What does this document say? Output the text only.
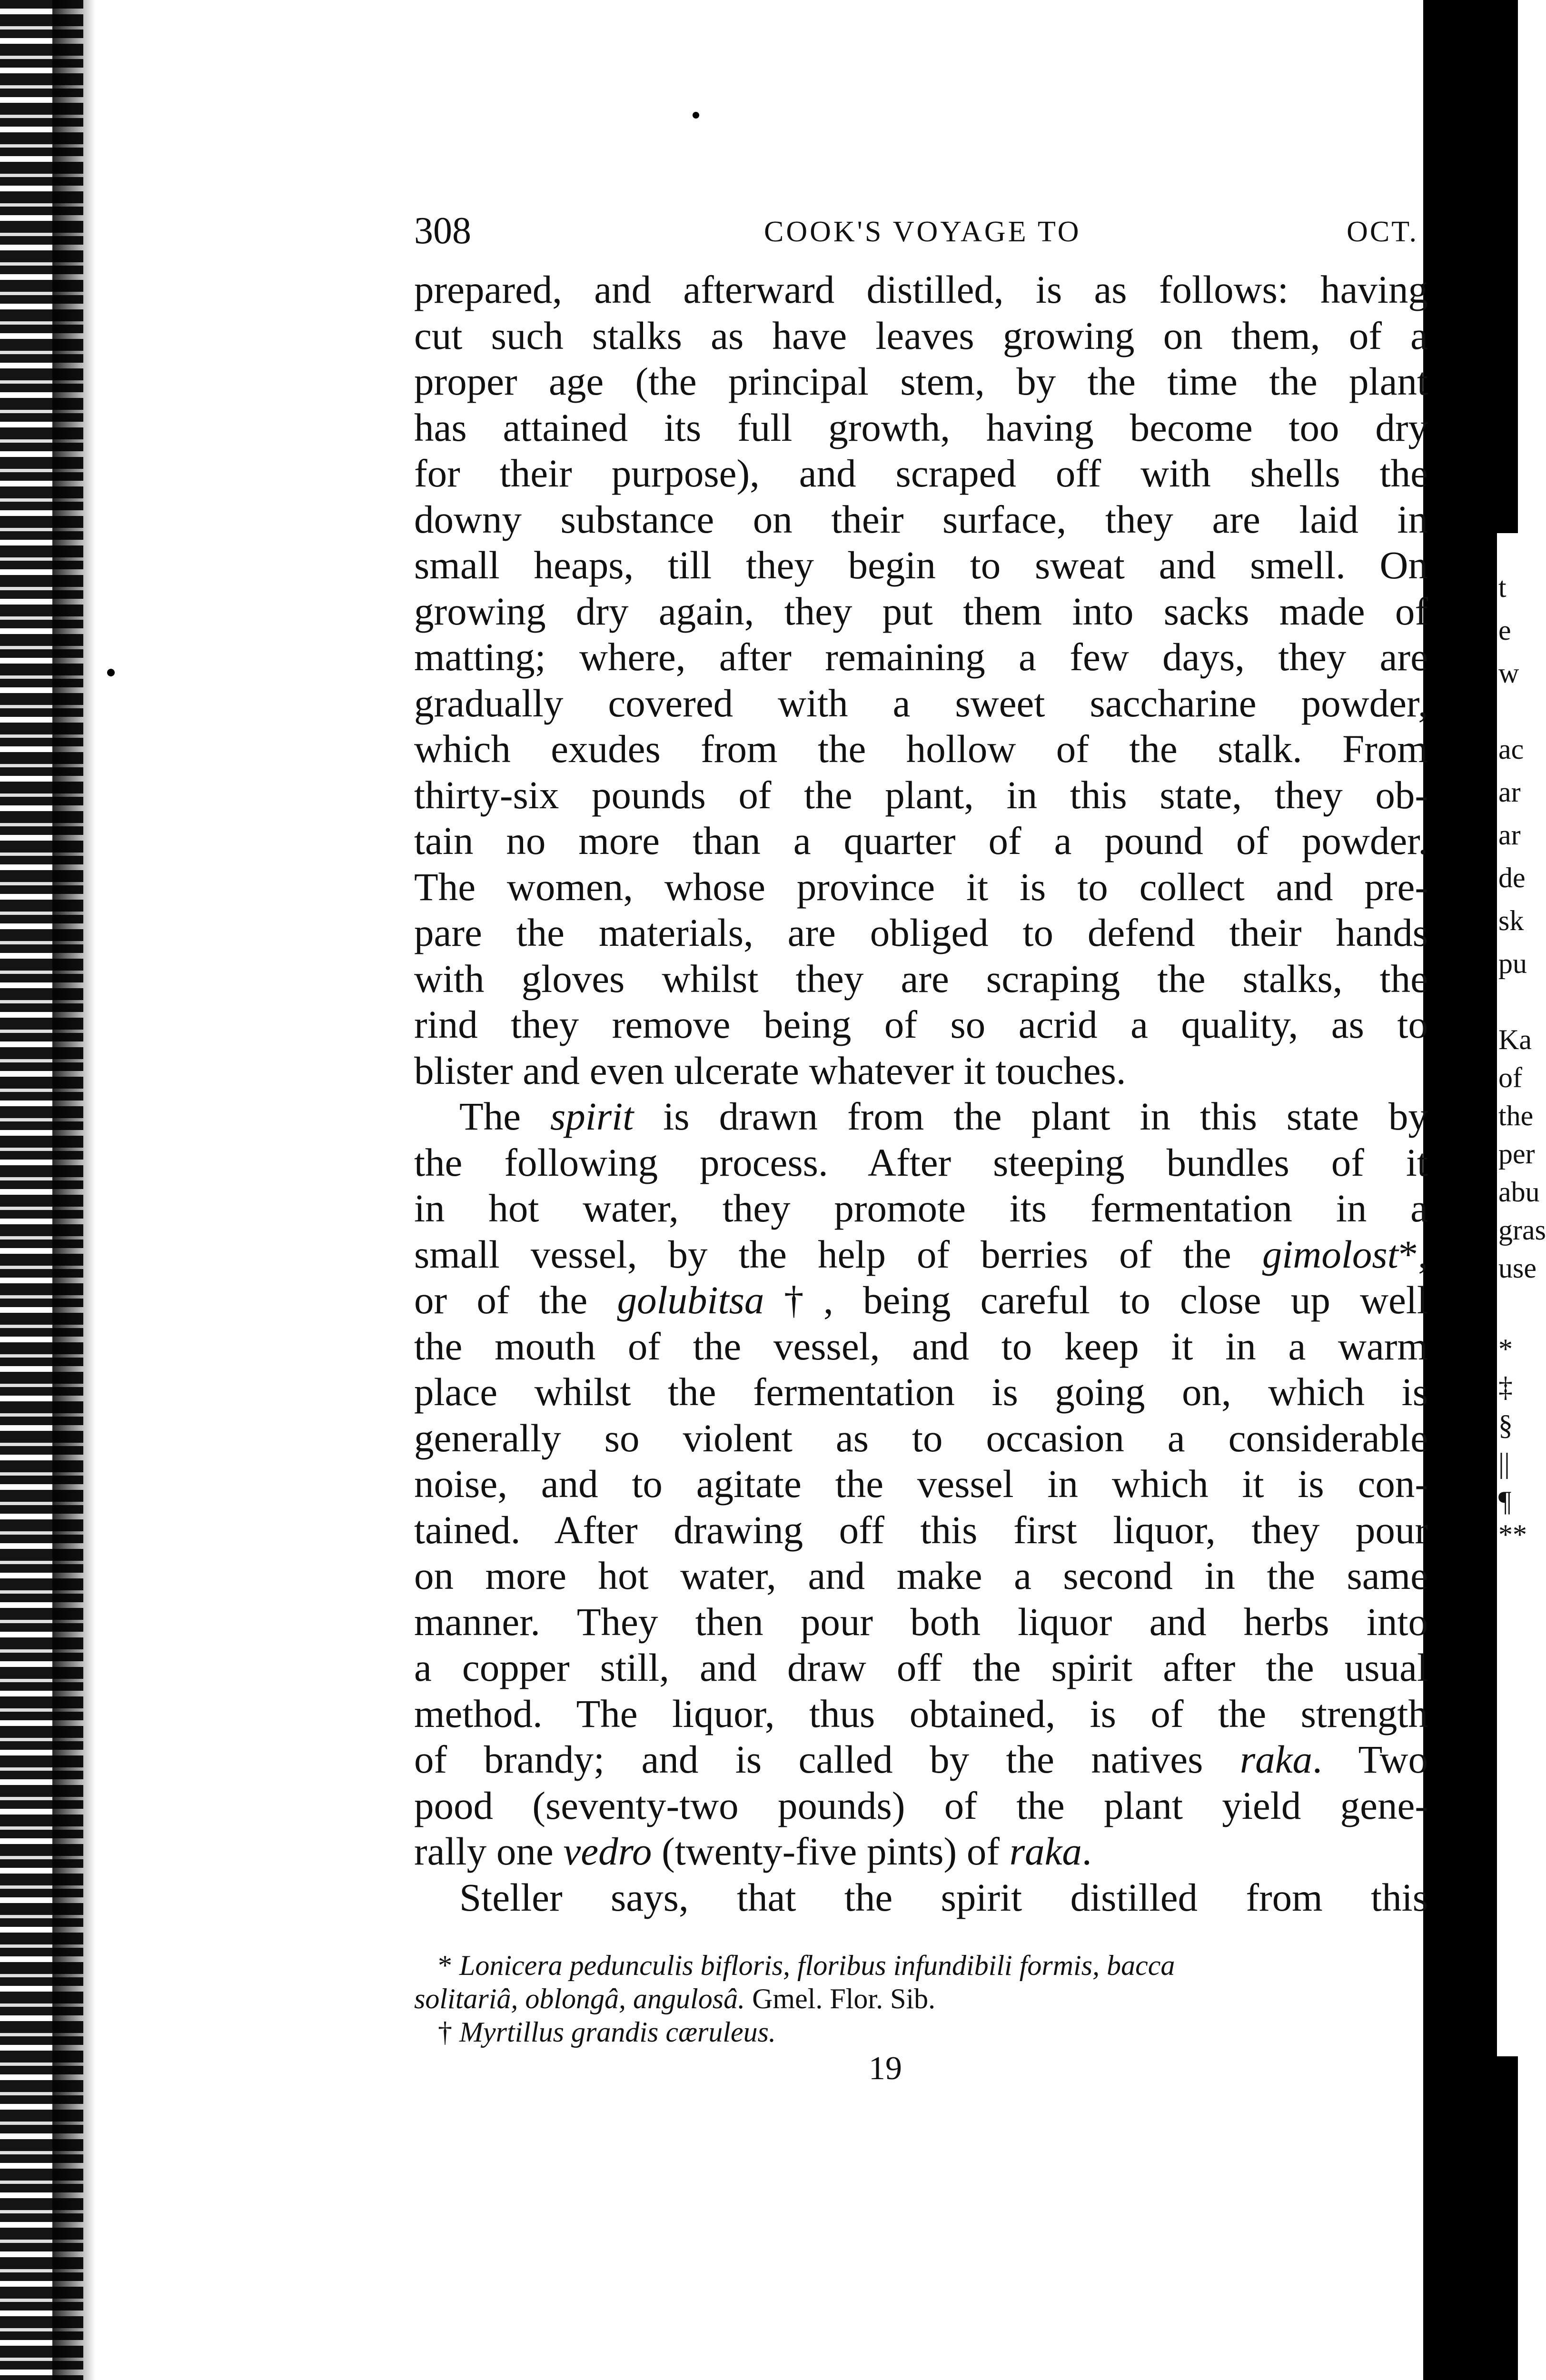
t
e
w
ac
ar
ar
de
sk
pu
Ka
of
the
per
abu
gras
use
*
‡
§
||
¶
**
308	COOK'S VOYAGE TO	OCT.

prepared, and afterward distilled, is as follows: having
cut such stalks as have leaves growing on them, of a
proper age (the principal stem, by the time the plant
has attained its full growth, having become too dry
for their purpose), and scraped off with shells the
downy substance on their surface, they are laid in
small heaps, till they begin to sweat and smell. On
growing dry again, they put them into sacks made of
matting; where, after remaining a few days, they are
gradually covered with a sweet saccharine powder,
which exudes from the hollow of the stalk. From
thirty-six pounds of the plant, in this state, they ob-
tain no more than a quarter of a pound of powder.
The women, whose province it is to collect and pre-
pare the materials, are obliged to defend their hands
with gloves whilst they are scraping the stalks, the
rind they remove being of so acrid a quality, as to
blister and even ulcerate whatever it touches.

The spirit is drawn from the plant in this state by
the following process. After steeping bundles of it
in hot water, they promote its fermentation in a
small vessel, by the help of berries of the gimolost*,
or of the golubitsa†, being careful to close up well
the mouth of the vessel, and to keep it in a warm
place whilst the fermentation is going on, which is
generally so violent as to occasion a considerable
noise, and to agitate the vessel in which it is con-
tained. After drawing off this first liquor, they pour
on more hot water, and make a second in the same
manner. They then pour both liquor and herbs into
a copper still, and draw off the spirit after the usual
method. The liquor, thus obtained, is of the strength
of brandy; and is called by the natives raka. Two
pood (seventy-two pounds) of the plant yield gene-
rally one vedro (twenty-five pints) of raka.

Steller says, that the spirit distilled from this

* Lonicera pedunculis bifloris, floribus infundibili formis, bacca
solitariâ, oblongâ, angulosâ. Gmel. Flor. Sib.
† Myrtillus grandis cæruleus.
19
